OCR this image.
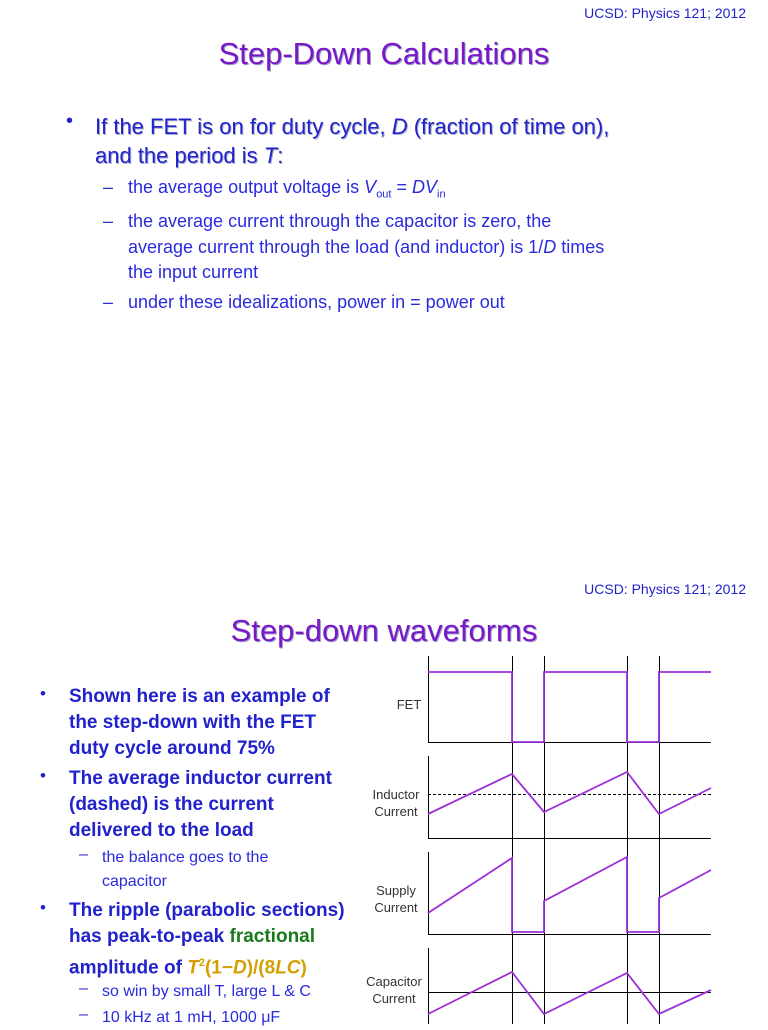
UCSD: Physics 121; 2012
Step-Down Calculations
• If the FET is on for duty cycle, D (fraction of time on),
and the period is T:
– the average output voltage is $V_{out} = DV_{in}$
– the average current through the capacitor is zero, the
average current through the load (and inductor) is 1/D times
the input current
– under these idealizations, power in = power out
UCSD: Physics 121; 2012
Step-down waveforms
• Shown here is an example of
the step-down with the FET
duty cycle around 75%
• The average inductor current
(dashed) is the current
delivered to the load
– the balance goes to the
capacitor
• The ripple (parabolic sections)
has peak-to-peak fractional
amplitude of $T^2(1-D)/(8LC)$
– so win by small T, large L & C
– 10 kHz at 1 mH, 1000 μF
FET
Inductor
Current
Supply
Current
Capacitor
Current
